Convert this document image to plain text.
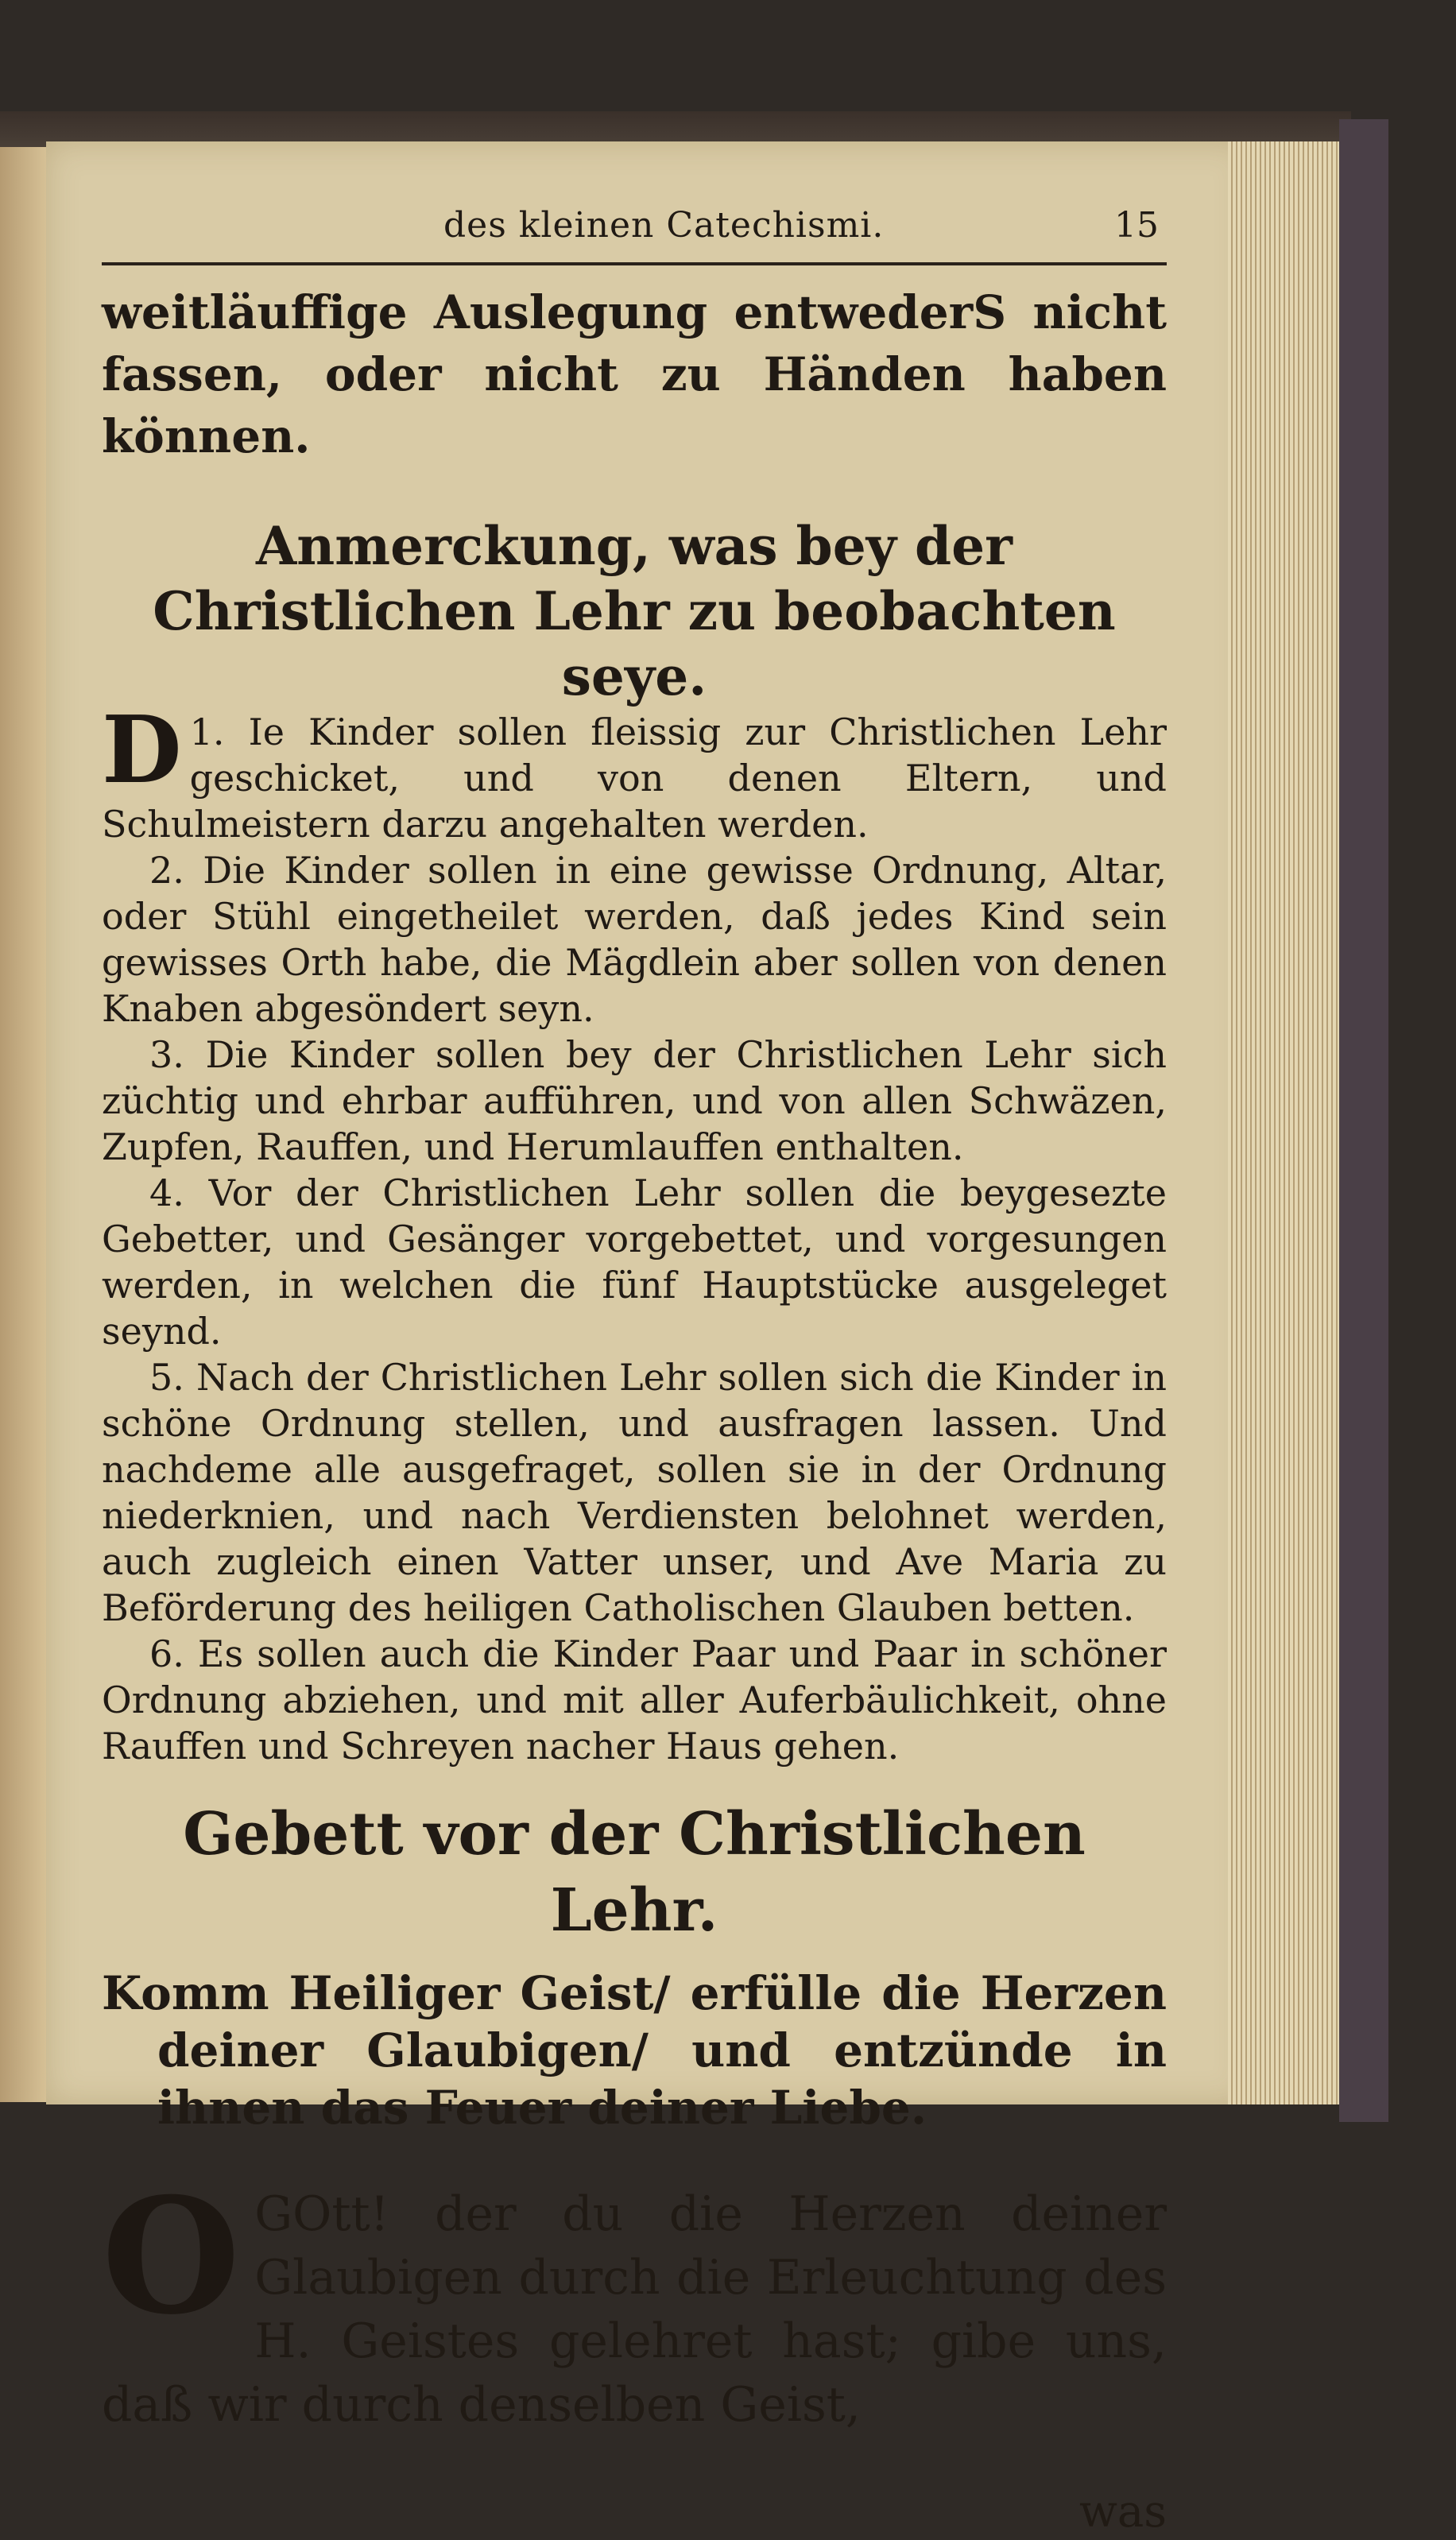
des kleinen Catechismi.	15

weitläuffige Auslegung entwederS nicht fassen, oder nicht zu Händen haben können.

Anmerckung, was bey der Christlichen Lehr zu beobachten seye.

1.
D Ie Kinder sollen fleissig zur Christlichen Lehr geschicket, und von denen Eltern, und Schulmeistern darzu angehalten werden.

2. Die Kinder sollen in eine gewisse Ordnung, Altar, oder Stühl eingetheilet werden, daß jedes Kind sein gewisses Orth habe, die Mägdlein aber sollen von denen Knaben abgesöndert seyn.

3. Die Kinder sollen bey der Christlichen Lehr sich züchtig und ehrbar aufführen, und von allen Schwäzen, Zupfen, Rauffen, und Herumlauffen enthalten.

4. Vor der Christlichen Lehr sollen die beygesezte Gebetter, und Gesänger vorgebettet, und vorgesungen werden, in welchen die fünf Hauptstücke ausgeleget seynd.

5. Nach der Christlichen Lehr sollen sich die Kinder in schöne Ordnung stellen, und ausfragen lassen. Und nachdeme alle ausgefraget, sollen sie in der Ordnung niederknien, und nach Verdiensten belohnet werden, auch zugleich einen Vatter unser, und Ave Maria zu Beförderung des heiligen Catholischen Glauben betten.

6. Es sollen auch die Kinder Paar und Paar in schöner Ordnung abziehen, und mit aller Auferbäulichkeit, ohne Rauffen und Schreyen nacher Haus gehen.

Gebett vor der Christlichen Lehr.

Komm Heiliger Geist/ erfülle die Herzen deiner Glaubigen/ und entzünde in ihnen das Feuer deiner Liebe.

O GOtt! der du die Herzen deiner Glaubigen durch die Erleuchtung des H. Geistes gelehret hast; gibe uns, daß wir durch denselben Geist,

was
